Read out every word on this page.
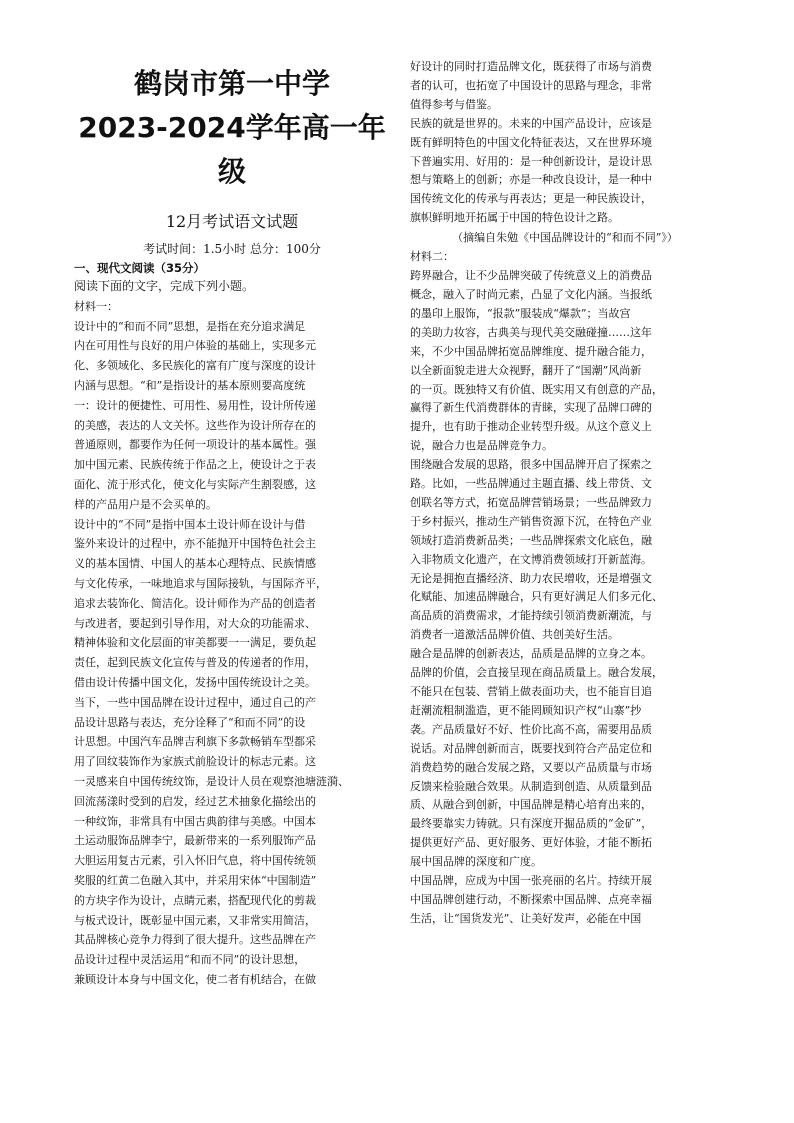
鹤岗市第一中学
2023-2024学年高一年
级
12月考试语文试题
考试时间：1.5小时 总分：100分
一、现代文阅读（35分）
阅读下面的文字，完成下列小题。
材料一：
设计中的“和而不同”思想，是指在充分追求满足
内在可用性与良好的用户体验的基础上，实现多元
化、多领域化、多民族化的富有广度与深度的设计
内涵与思想。“和”是指设计的基本原则要高度统
一：设计的便捷性、可用性、易用性，设计所传递
的美感，表达的人文关怀。这些作为设计所存在的
普通原则，都要作为任何一项设计的基本属性。强
加中国元素、民族传统于作品之上，使设计之于表
面化、流于形式化，使文化与实际产生割裂感，这
样的产品用户是不会买单的。
设计中的“不同”是指中国本土设计师在设计与借
鉴外来设计的过程中，亦不能抛开中国特色社会主
义的基本国情、中国人的基本心理特点、民族情感
与文化传承，一味地追求与国际接轨，与国际齐平，
追求去装饰化、简洁化。设计师作为产品的创造者
与改进者，要起到引导作用，对大众的功能需求、
精神体验和文化层面的审美都要一一满足，要负起
责任，起到民族文化宣传与普及的传递者的作用，
借由设计传播中国文化，发扬中国传统设计之美。
当下，一些中国品牌在设计过程中，通过自己的产
品设计思路与表达，充分诠释了“和而不同”的设
计思想。中国汽车品牌吉利旗下多款畅销车型都采
用了回纹装饰作为家族式前脸设计的标志元素。这
一灵感来自中国传统纹饰，是设计人员在观察池塘涟漪、
回流荡漾时受到的启发，经过艺术抽象化描绘出的
一种纹饰，非常具有中国古典韵律与美感。中国本
土运动服饰品牌李宁，最新带来的一系列服饰产品
大胆运用复古元素，引入怀旧气息，将中国传统领
奖服的红黄二色融入其中，并采用宋体“中国制造”
的方块字作为设计，点睛元素，搭配现代化的剪裁
与板式设计，既彰显中国元素，又非常实用简洁，
其品牌核心竞争力得到了很大提升。这些品牌在产
品设计过程中灵活运用“和而不同”的设计思想，
兼顾设计本身与中国文化，使二者有机结合，在做
好设计的同时打造品牌文化，既获得了市场与消费
者的认可，也拓宽了中国设计的思路与理念，非常
值得参考与借鉴。
民族的就是世界的。未来的中国产品设计，应该是
既有鲜明特色的中国文化特征表达，又在世界环境
下普遍实用、好用的：是一种创新设计，是设计思
想与策略上的创新；亦是一种改良设计，是一种中
国传统文化的传承与再表达；更是一种民族设计，
旗帜鲜明地开拓属于中国的特色设计之路。
（摘编自朱勉《中国品牌设计的“和而不同”》）
材料二：
跨界融合，让不少品牌突破了传统意义上的消费品
概念，融入了时尚元素，凸显了文化内涵。当报纸
的墨印上服饰，“报款”服装成“爆款”；当故宫
的美助力妆容，古典美与现代美交融碰撞……这年
来，不少中国品牌拓宽品牌维度、提升融合能力，
以全新面貌走进大众视野，翻开了“国潮”风尚新
的一页。既独特又有价值、既实用又有创意的产品，
赢得了新生代消费群体的青睐，实现了品牌口碑的
提升，也有助于推动企业转型升级。从这个意义上
说，融合力也是品牌竞争力。
围绕融合发展的思路，很多中国品牌开启了探索之
路。比如，一些品牌通过主题直播、线上带货、文
创联名等方式，拓宽品牌营销场景；一些品牌致力
于乡村振兴，推动生产销售资源下沉，在特色产业
领域打造消费新品类；一些品牌探索文化底色，融
入非物质文化遗产，在文博消费领域打开新蓝海。
无论是拥抱直播经济、助力农民增收，还是增强文
化赋能、加速品牌融合，只有更好满足人们多元化、
高品质的消费需求，才能持续引领消费新潮流，与
消费者一道激活品牌价值、共创美好生活。
融合是品牌的创新表达，品质是品牌的立身之本。
品牌的价值，会直接呈现在商品质量上。融合发展，
不能只在包装、营销上做表面功夫，也不能盲目追
赶潮流粗制滥造，更不能罔顾知识产权“山寨”抄
袭。产品质量好不好、性价比高不高，需要用品质
说话。对品牌创新而言，既要找到符合产品定位和
消费趋势的融合发展之路，又要以产品质量与市场
反馈来检验融合效果。从制造到创造、从质量到品
质、从融合到创新，中国品牌是精心培育出来的，
最终要靠实力铸就。只有深度开掘品质的“金矿”，
提供更好产品、更好服务、更好体验，才能不断拓
展中国品牌的深度和广度。
中国品牌，应成为中国一张亮丽的名片。持续开展
中国品牌创建行动，不断探索中国品牌、点亮幸福
生活，让“国货发光”、让美好发声，必能在中国
